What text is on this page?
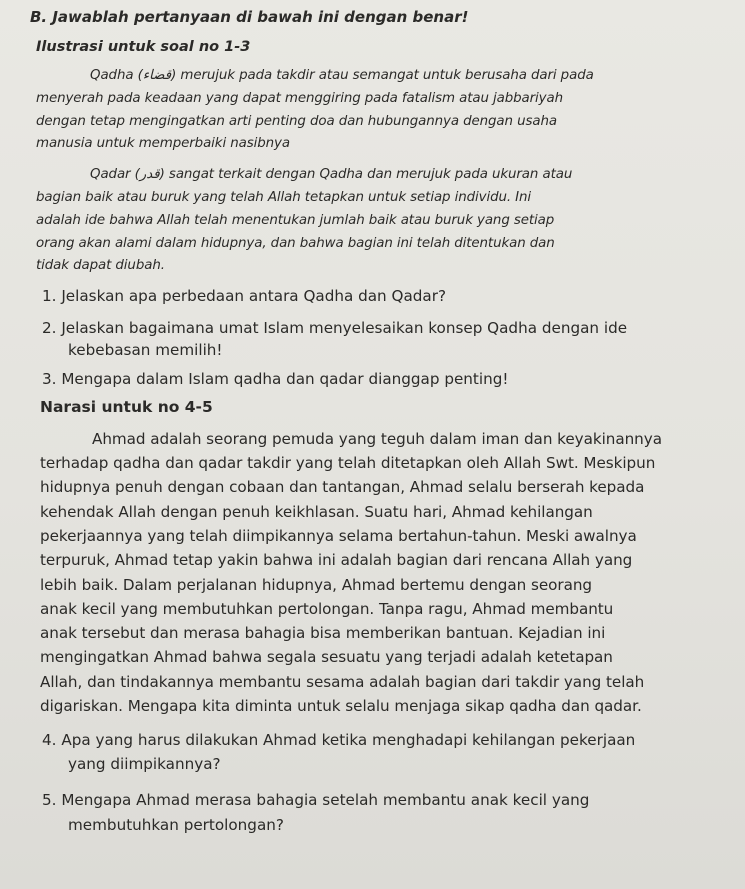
B. Jawablah pertanyaan di bawah ini dengan benar!
Ilustrasi untuk soal no 1-3
Qadha (قضاء) merujuk pada takdir atau semangat untuk berusaha dari pada
menyerah pada keadaan yang dapat menggiring pada fatalism atau jabbariyah
dengan tetap mengingatkan arti penting doa dan hubungannya dengan usaha
manusia untuk memperbaiki nasibnya
Qadar (قدر) sangat terkait dengan Qadha dan merujuk pada ukuran atau
bagian baik atau buruk yang telah Allah tetapkan untuk setiap individu. Ini
adalah ide bahwa Allah telah menentukan jumlah baik atau buruk yang setiap
orang akan alami dalam hidupnya, dan bahwa bagian ini telah ditentukan dan
tidak dapat diubah.
1. Jelaskan apa perbedaan antara Qadha dan Qadar?
2. Jelaskan bagaimana umat Islam menyelesaikan konsep Qadha dengan ide
kebebasan memilih!
3. Mengapa dalam Islam qadha dan qadar dianggap penting!
Narasi untuk no 4-5
Ahmad adalah seorang pemuda yang teguh dalam iman dan keyakinannya
terhadap qadha dan qadar takdir yang telah ditetapkan oleh Allah Swt. Meskipun
hidupnya penuh dengan cobaan dan tantangan, Ahmad selalu berserah kepada
kehendak Allah dengan penuh keikhlasan. Suatu hari, Ahmad kehilangan
pekerjaannya yang telah diimpikannya selama bertahun-tahun. Meski awalnya
terpuruk, Ahmad tetap yakin bahwa ini adalah bagian dari rencana Allah yang
lebih baik. Dalam perjalanan hidupnya, Ahmad bertemu dengan seorang
anak kecil yang membutuhkan pertolongan. Tanpa ragu, Ahmad membantu
anak tersebut dan merasa bahagia bisa memberikan bantuan. Kejadian ini
mengingatkan Ahmad bahwa segala sesuatu yang terjadi adalah ketetapan
Allah, dan tindakannya membantu sesama adalah bagian dari takdir yang telah
digariskan. Mengapa kita diminta untuk selalu menjaga sikap qadha dan qadar.
4. Apa yang harus dilakukan Ahmad ketika menghadapi kehilangan pekerjaan
yang diimpikannya?
5. Mengapa Ahmad merasa bahagia setelah membantu anak kecil yang
membutuhkan pertolongan?
